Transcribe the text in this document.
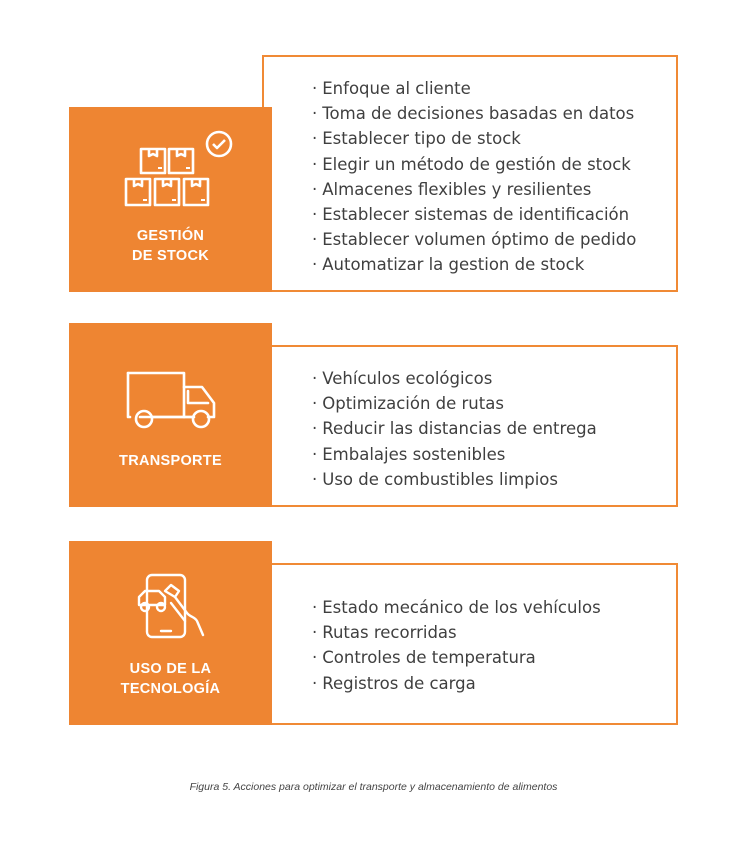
GESTIÓN
DE STOCK
· Enfoque al cliente
· Toma de decisiones basadas en datos
· Establecer tipo de stock
· Elegir un método de gestión de stock
· Almacenes flexibles y resilientes
· Establecer sistemas de identificación
· Establecer volumen óptimo de pedido
· Automatizar la gestion de stock
TRANSPORTE
· Vehículos ecológicos
· Optimización de rutas
· Reducir las distancias de entrega
· Embalajes sostenibles
· Uso de combustibles limpios
USO DE LA
TECNOLOGÍA
· Estado mecánico de los vehículos
· Rutas recorridas
· Controles de temperatura
· Registros de carga
Figura 5. Acciones para optimizar el transporte y almacenamiento de alimentos
